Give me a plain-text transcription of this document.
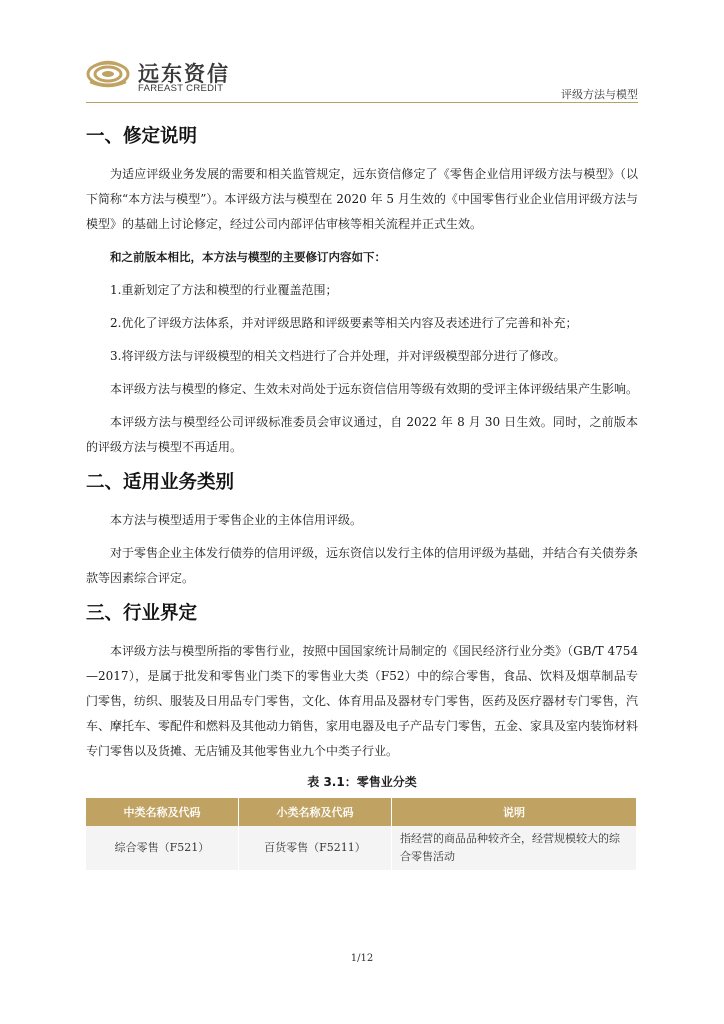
远东资信
FAREAST CREDIT	评级方法与模型
一、修定说明

为适应评级业务发展的需要和相关监管规定，远东资信修定了《零售企业信用评级方法与模型》（以下简称“本方法与模型”）。本评级方法与模型在 2020 年 5 月生效的《中国零售行业企业信用评级方法与模型》的基础上讨论修定，经过公司内部评估审核等相关流程并正式生效。

和之前版本相比，本方法与模型的主要修订内容如下：

1.重新划定了方法和模型的行业覆盖范围；

2.优化了评级方法体系，并对评级思路和评级要素等相关内容及表述进行了完善和补充；

3.将评级方法与评级模型的相关文档进行了合并处理，并对评级模型部分进行了修改。

本评级方法与模型的修定、生效未对尚处于远东资信信用等级有效期的受评主体评级结果产生影响。

本评级方法与模型经公司评级标准委员会审议通过，自 2022 年 8 月 30 日生效。同时，之前版本的评级方法与模型不再适用。

二、适用业务类别

本方法与模型适用于零售企业的主体信用评级。

对于零售企业主体发行债券的信用评级，远东资信以发行主体的信用评级为基础，并结合有关债券条款等因素综合评定。

三、行业界定

本评级方法与模型所指的零售行业，按照中国国家统计局制定的《国民经济行业分类》（GB/T 4754—2017），是属于批发和零售业门类下的零售业大类（F52）中的综合零售，食品、饮料及烟草制品专门零售，纺织、服装及日用品专门零售，文化、体育用品及器材专门零售，医药及医疗器材专门零售，汽车、摩托车、零配件和燃料及其他动力销售，家用电器及电子产品专门零售，五金、家具及室内装饰材料专门零售以及货摊、无店铺及其他零售业九个中类子行业。

表 3.1：零售业分类
中类名称及代码	小类名称及代码	说明
综合零售（F521）	百货零售（F5211）	指经营的商品品种较齐全，经营规模较大的综合零售活动
1/12
